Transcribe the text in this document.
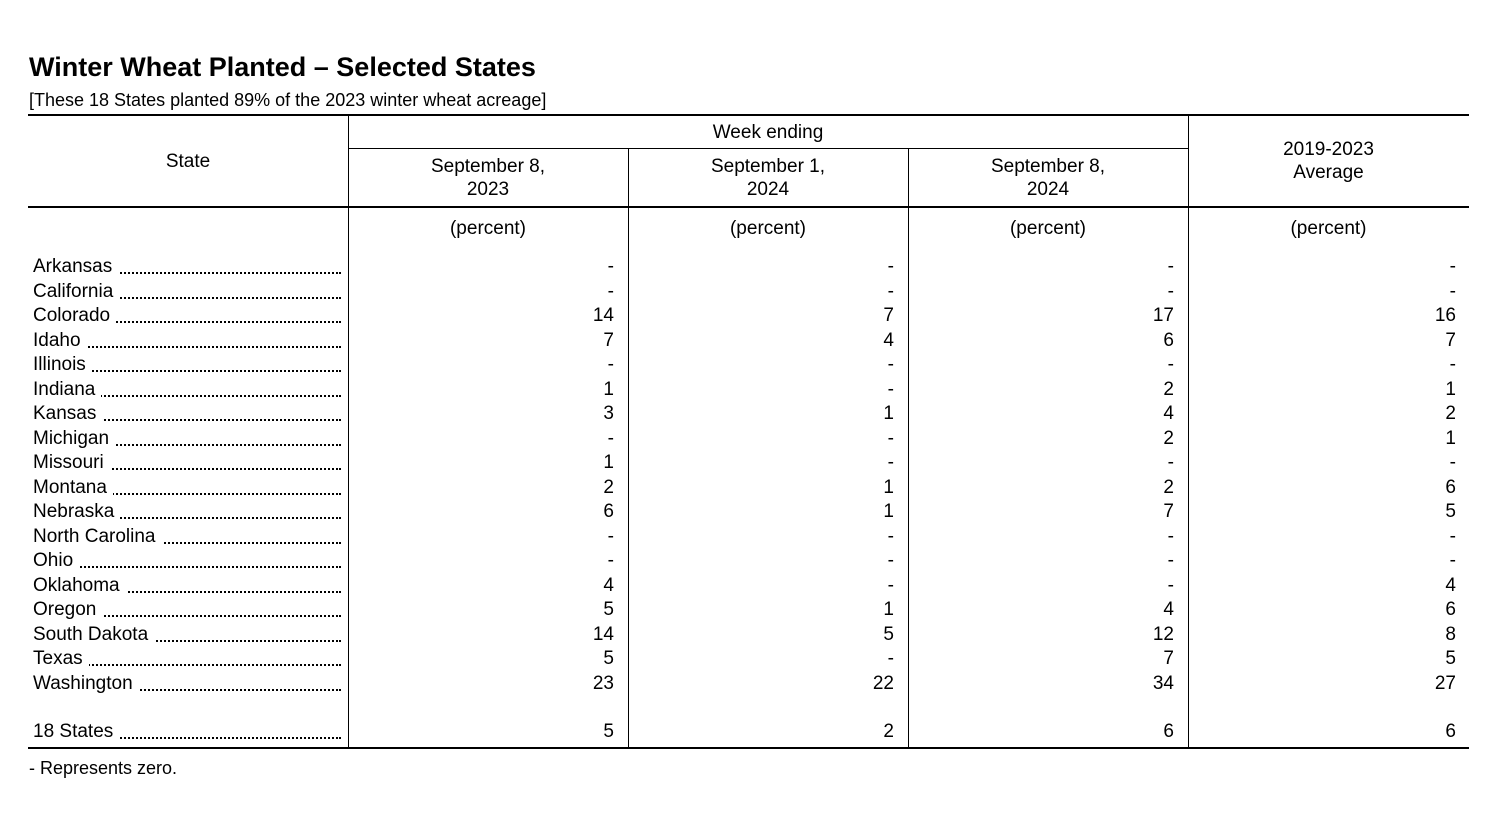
Winter Wheat Planted – Selected States
[These 18 States planted 89% of the 2023 winter wheat acreage]
State
Week ending
September 8,
2023
September 1,
2024
September 8,
2024
2019-2023
Average
(percent)	(percent)	(percent)	(percent)
Arkansas	-	-	-	-
California	-	-	-	-
Colorado	14	7	17	16
Idaho	7	4	6	7
Illinois	-	-	-	-
Indiana	1	-	2	1
Kansas	3	1	4	2
Michigan	-	-	2	1
Missouri	1	-	-	-
Montana	2	1	2	6
Nebraska	6	1	7	5
North Carolina	-	-	-	-
Ohio	-	-	-	-
Oklahoma	4	-	-	4
Oregon	5	1	4	6
South Dakota	14	5	12	8
Texas	5	-	7	5
Washington	23	22	34	27
18 States	5	2	6	6
- Represents zero.
